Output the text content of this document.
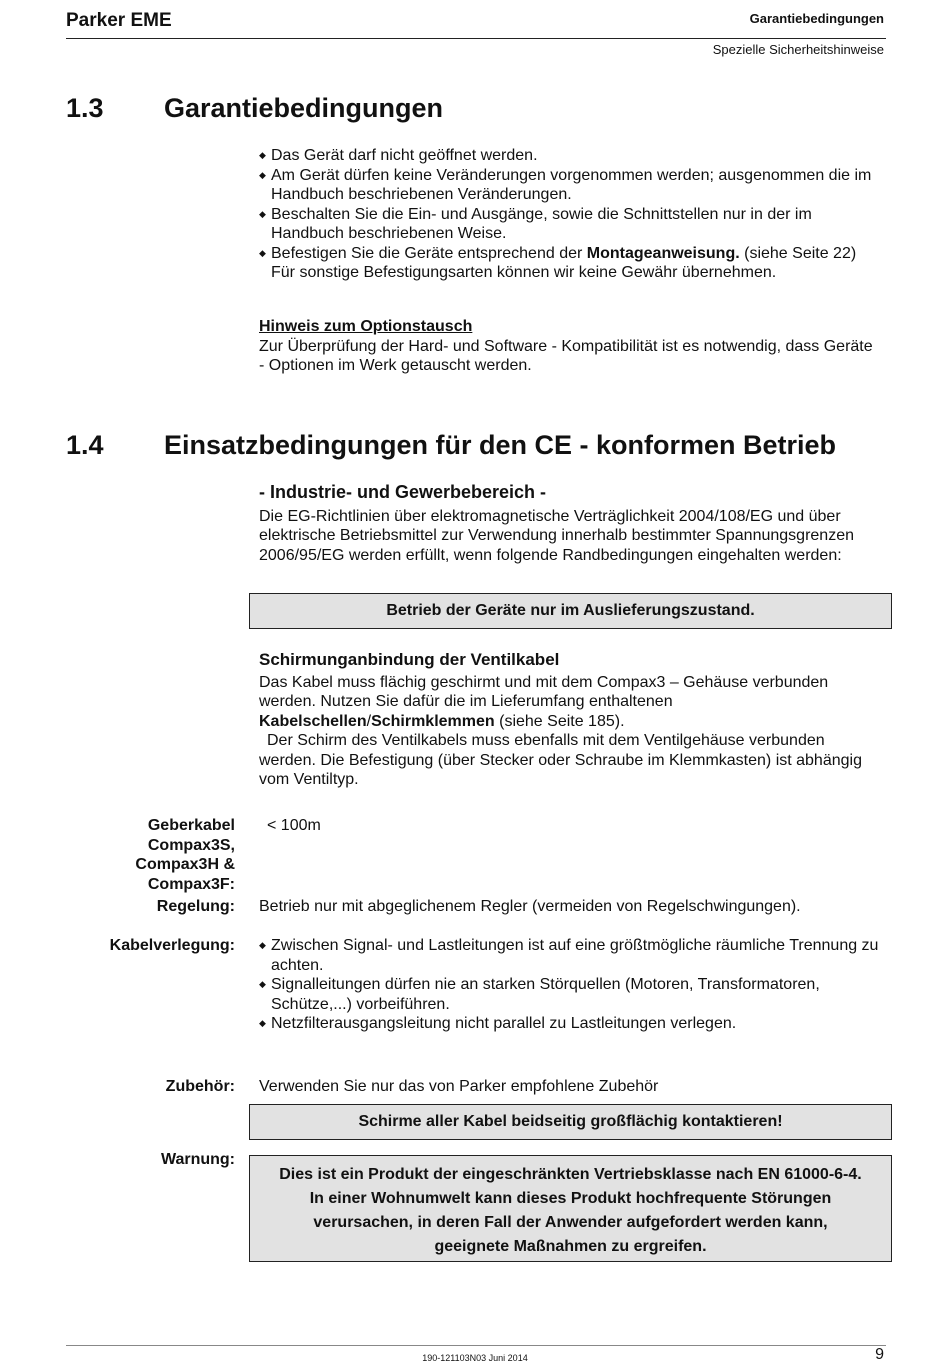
Parker EME	Garantiebedingungen
Spezielle Sicherheitshinweise
1.3 Garantiebedingungen
◆ Das Gerät darf nicht geöffnet werden.
◆ Am Gerät dürfen keine Veränderungen vorgenommen werden; ausgenommen die im Handbuch beschriebenen Veränderungen.
◆ Beschalten Sie die Ein- und Ausgänge, sowie die Schnittstellen nur in der im Handbuch beschriebenen Weise.
◆ Befestigen Sie die Geräte entsprechend der Montageanweisung. (siehe Seite 22)
Für sonstige Befestigungsarten können wir keine Gewähr übernehmen.
Hinweis zum Optionstausch

Zur Überprüfung der Hard- und Software - Kompatibilität ist es notwendig, dass Geräte - Optionen im Werk getauscht werden.

1.4 Einsatzbedingungen für den CE - konformen Betrieb
- Industrie- und Gewerbebereich -

Die EG-Richtlinien über elektromagnetische Verträglichkeit 2004/108/EG und über elektrische Betriebsmittel zur Verwendung innerhalb bestimmter Spannungsgrenzen 2006/95/EG werden erfüllt, wenn folgende Randbedingungen eingehalten werden:

Betrieb der Geräte nur im Auslieferungszustand.
Schirmunganbindung der Ventilkabel

Das Kabel muss flächig geschirmt und mit dem Compax3 – Gehäuse verbunden werden. Nutzen Sie dafür die im Lieferumfang enthaltenen Kabelschellen/Schirmklemmen (siehe Seite 185).

Der Schirm des Ventilkabels muss ebenfalls mit dem Ventilgehäuse verbunden werden. Die Befestigung (über Stecker oder Schraube im Klemmkasten) ist abhängig vom Ventiltyp.

Geberkabel
Compax3S,
Compax3H &
Compax3F:
< 100m
Regelung: Betrieb nur mit abgeglichenem Regler (vermeiden von Regelschwingungen).
Kabelverlegung:	◆ Zwischen Signal- und Lastleitungen ist auf eine größtmögliche räumliche Trennung zu achten.
◆ Signalleitungen dürfen nie an starken Störquellen (Motoren, Transformatoren, Schütze,...) vorbeiführen.
◆ Netzfilterausgangsleitung nicht parallel zu Lastleitungen verlegen.
Zubehör: Verwenden Sie nur das von Parker empfohlene Zubehör
Schirme aller Kabel beidseitig großflächig kontaktieren!
Warnung:
Dies ist ein Produkt der eingeschränkten Vertriebsklasse nach EN 61000-6-4.
In einer Wohnumwelt kann dieses Produkt hochfrequente Störungen
verursachen, in deren Fall der Anwender aufgefordert werden kann,
geeignete Maßnahmen zu ergreifen.
190-121103N03 Juni 2014	9
